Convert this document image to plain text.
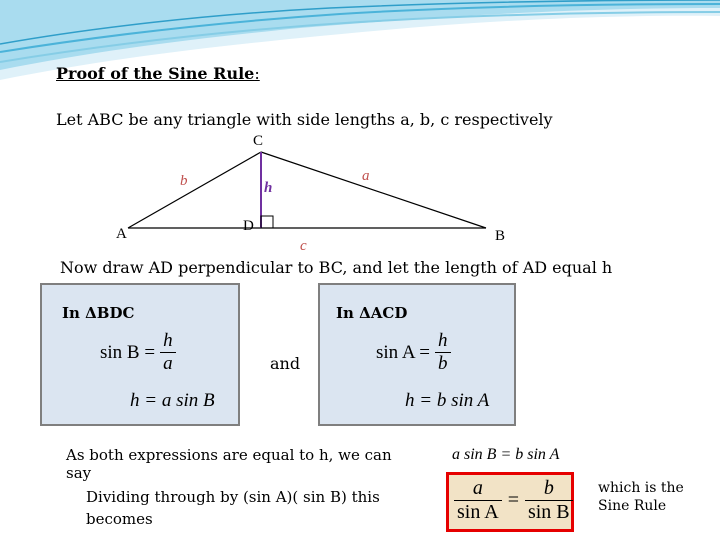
Proof of the Sine Rule:
Let ABC be any triangle with side lengths a, b, c respectively
C
A	B
D
a
b
c
h
Now draw AD perpendicular to BC, and let the length of AD equal h
In ΔBDC
$\sin B = \frac{h}{a}$
h = a sin B
and
In ΔACD
$\sin A = \frac{h}{b}$
h = b sin A
As both expressions are equal to h, we can say
a sin B = b sin A
Dividing through by (sin A)( sin B) this becomes	$\frac{a}{\text{sin A}} = \frac{b}{\text{sin B}}$ which is the Sine Rule
